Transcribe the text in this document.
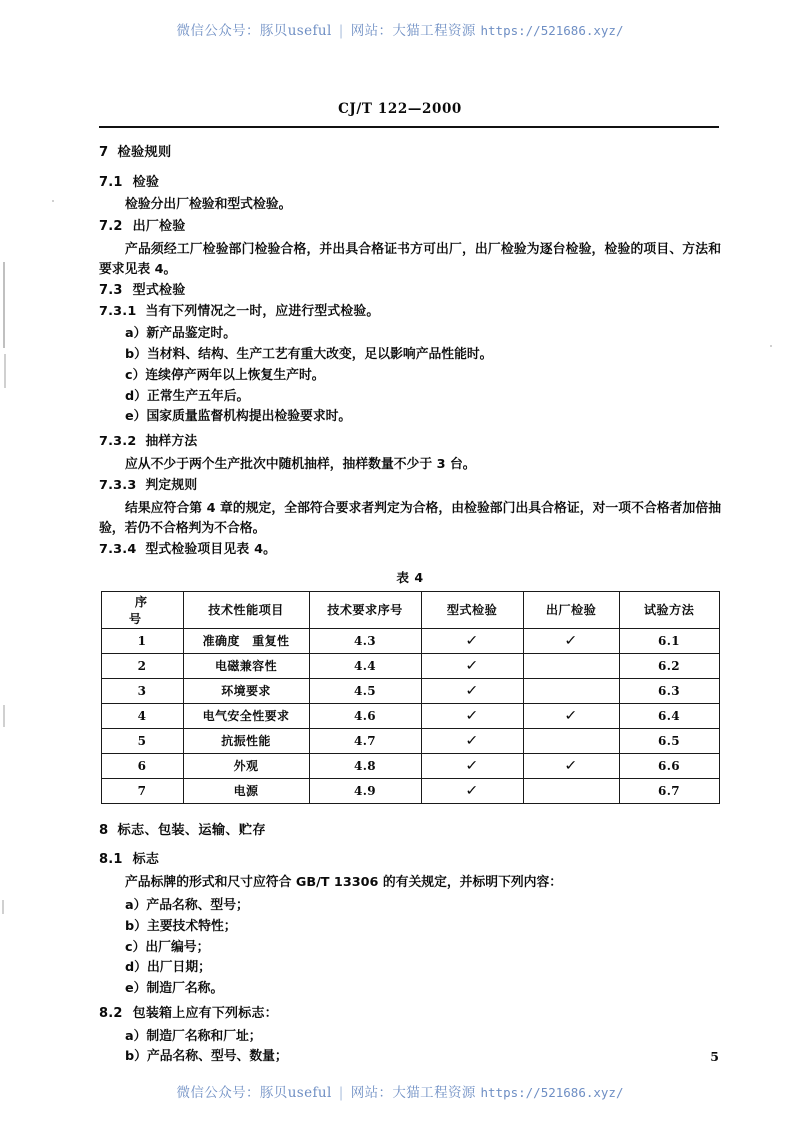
微信公众号：豚贝useful | 网站：大猫工程资源 https://521686.xyz/
CJ/T 122—2000
7 检验规则
7.1 检验

检验分出厂检验和型式检验。

7.2 出厂检验

产品须经工厂检验部门检验合格，并出具合格证书方可出厂，出厂检验为逐台检验，检验的项目、方法和要求见表 4。

7.3 型式检验
7.3.1 当有下列情况之一时，应进行型式检验。

a）新产品鉴定时。

b）当材料、结构、生产工艺有重大改变，足以影响产品性能时。

c）连续停产两年以上恢复生产时。

d）正常生产五年后。

e）国家质量监督机构提出检验要求时。

7.3.2 抽样方法

应从不少于两个生产批次中随机抽样，抽样数量不少于 3 台。

7.3.3 判定规则

结果应符合第 4 章的规定，全部符合要求者判定为合格，由检验部门出具合格证，对一项不合格者加倍抽验，若仍不合格判为不合格。

7.3.4 型式检验项目见表 4。
表 4
序　　号	技术性能项目	技术要求序号	型式检验	出厂检验	试验方法
1	准确度　重复性	4.3	✓	✓	6.1
2	电磁兼容性	4.4	✓		6.2
3	环境要求	4.5	✓		6.3
4	电气安全性要求	4.6	✓	✓	6.4
5	抗振性能	4.7	✓		6.5
6	外观	4.8	✓	✓	6.6
7	电源	4.9	✓		6.7
8 标志、包装、运输、贮存
8.1 标志

产品标牌的形式和尺寸应符合 GB/T 13306 的有关规定，并标明下列内容：

a）产品名称、型号；

b）主要技术特性；

c）出厂编号；

d）出厂日期；

e）制造厂名称。

8.2 包装箱上应有下列标志：

a）制造厂名称和厂址；

b）产品名称、型号、数量；	5
微信公众号：豚贝useful | 网站：大猫工程资源 https://521686.xyz/
